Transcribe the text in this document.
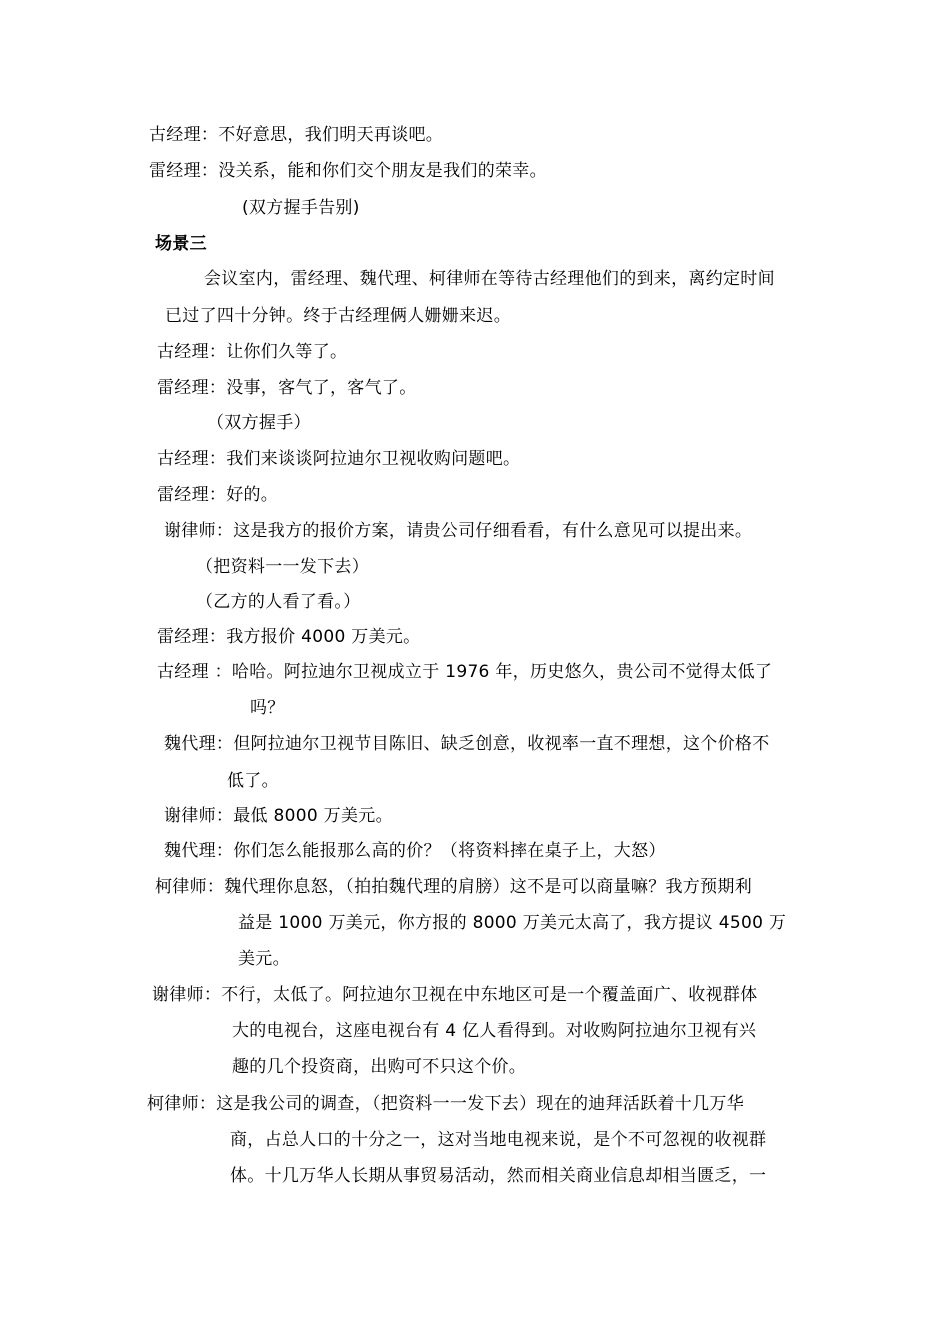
古经理：不好意思，我们明天再谈吧。
雷经理：没关系，能和你们交个朋友是我们的荣幸。
(双方握手告别)
场景三
会议室内，雷经理、魏代理、柯律师在等待古经理他们的到来，离约定时间
已过了四十分钟。终于古经理俩人姗姗来迟。
古经理：让你们久等了。
雷经理：没事，客气了，客气了。
（双方握手）
古经理：我们来谈谈阿拉迪尔卫视收购问题吧。
雷经理：好的。
谢律师：这是我方的报价方案，请贵公司仔细看看，有什么意见可以提出来。
（把资料一一发下去）
（乙方的人看了看。）
雷经理：我方报价 4000 万美元。
古经理 ：哈哈。阿拉迪尔卫视成立于 1976 年，历史悠久，贵公司不觉得太低了
吗？
魏代理：但阿拉迪尔卫视节目陈旧、缺乏创意，收视率一直不理想，这个价格不
低了。
谢律师：最低 8000 万美元。
魏代理：你们怎么能报那么高的价？（将资料摔在桌子上，大怒）
柯律师：魏代理你息怒，（拍拍魏代理的肩膀）这不是可以商量嘛？我方预期利
益是 1000 万美元，你方报的 8000 万美元太高了，我方提议 4500 万
美元。
谢律师：不行，太低了。阿拉迪尔卫视在中东地区可是一个覆盖面广、收视群体
大的电视台，这座电视台有 4 亿人看得到。对收购阿拉迪尔卫视有兴
趣的几个投资商，出购可不只这个价。
柯律师：这是我公司的调查，（把资料一一发下去）现在的迪拜活跃着十几万华
商，占总人口的十分之一，这对当地电视来说，是个不可忽视的收视群
体。十几万华人长期从事贸易活动，然而相关商业信息却相当匮乏，一
